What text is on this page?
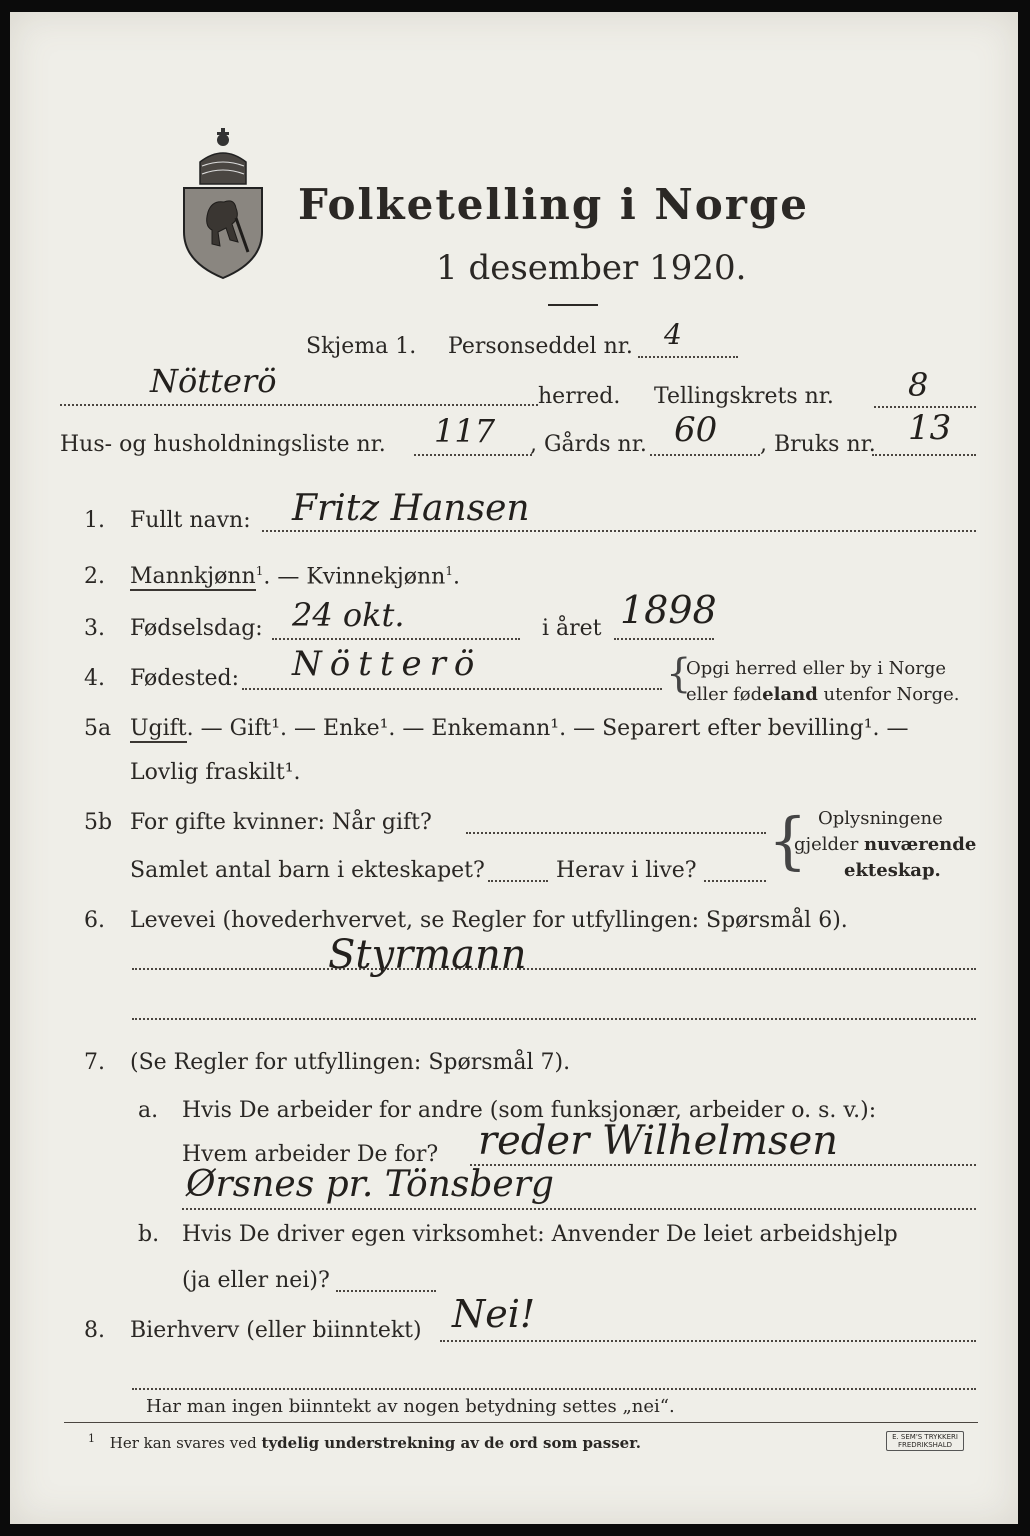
Folketelling i Norge
1 desember 1920.
Skjema 1. Personseddel nr. 4
Nötterö	herred. Tellingskrets nr. 8
Hus- og husholdningsliste nr. 117 , Gårds nr. 60 , Bruks nr. 13
1. Fullt navn: Fritz Hansen
2. Mannkjønn$^1$. — Kvinnekjønn$^1$.
3. Fødselsdag: 24 okt.	i året 1898
4. Fødested: Nötterö	{
Opgi herred eller by i Norge
eller fødeland utenfor Norge.
5a Ugift. — Gift¹. — Enke¹. — Enkemann¹. — Separert efter bevilling¹. —
Lovlig fraskilt¹.
5b For gifte kvinner: Når gift?
Samlet antal barn i ekteskapet?	Herav i live? { Oplysningene
gjelder nuværende
ekteskap.
6. Levevei (hovederhvervet, se Regler for utfyllingen: Spørsmål 6).
Styrmann
7. (Se Regler for utfyllingen: Spørsmål 7).
a. Hvis De arbeider for andre (som funksjonær, arbeider o. s. v.):
Hvem arbeider De for? reder Wilhelmsen
Ørsnes pr. Tönsberg
b. Hvis De driver egen virksomhet: Anvender De leiet arbeidshjelp
(ja eller nei)?
8. Bierhverv (eller biinntekt) Nei!
Har man ingen biinntekt av nogen betydning settes „nei“.
$^1$ Her kan svares ved tydelig understrekning av de ord som passer.	E. SEM'S TRYKKERI
FREDRIKSHALD
